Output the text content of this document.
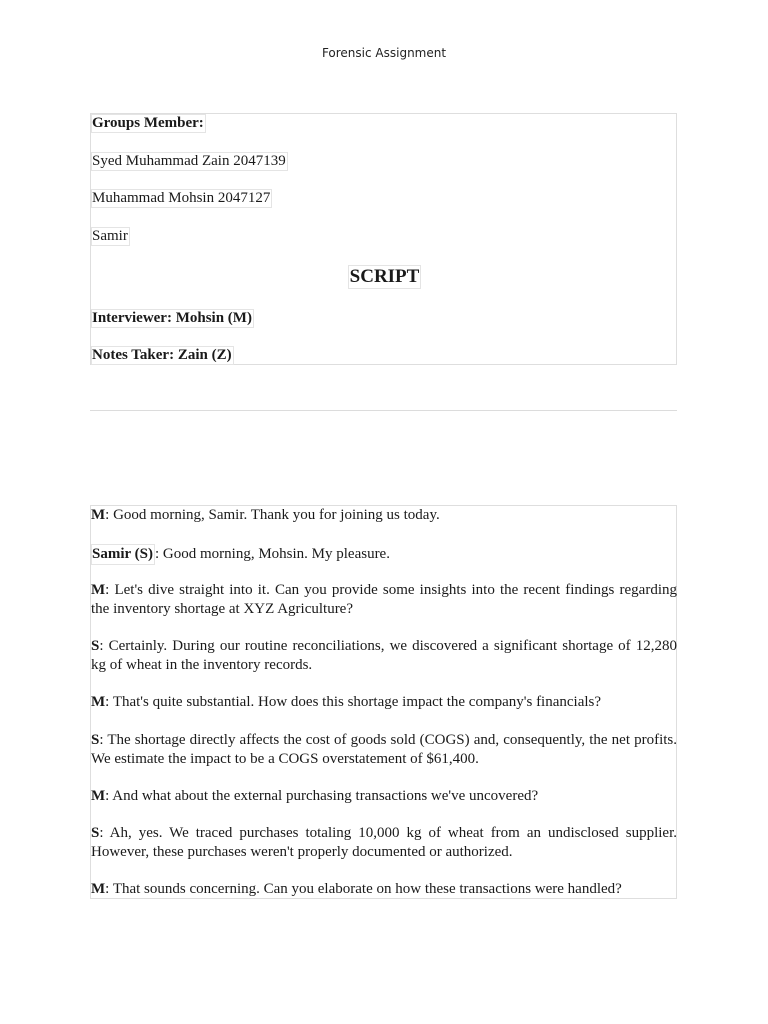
Forensic Assignment
Groups Member:
Syed Muhammad Zain 2047139
Muhammad Mohsin 2047127
Samir
SCRIPT
Interviewer: Mohsin (M)
Notes Taker: Zain (Z)
M: Good morning, Samir. Thank you for joining us today.
Samir (S) : Good morning, Mohsin. My pleasure.
M: Let's dive straight into it. Can you provide some insights into the recent findings regarding the inventory shortage at XYZ Agriculture?
S: Certainly. During our routine reconciliations, we discovered a significant shortage of 12,280 kg of wheat in the inventory records.
M: That's quite substantial. How does this shortage impact the company's financials?
S: The shortage directly affects the cost of goods sold (COGS) and, consequently, the net profits. We estimate the impact to be a COGS overstatement of $61,400.
M: And what about the external purchasing transactions we've uncovered?
S: Ah, yes. We traced purchases totaling 10,000 kg of wheat from an undisclosed supplier. However, these purchases weren't properly documented or authorized.
M: That sounds concerning. Can you elaborate on how these transactions were handled?
